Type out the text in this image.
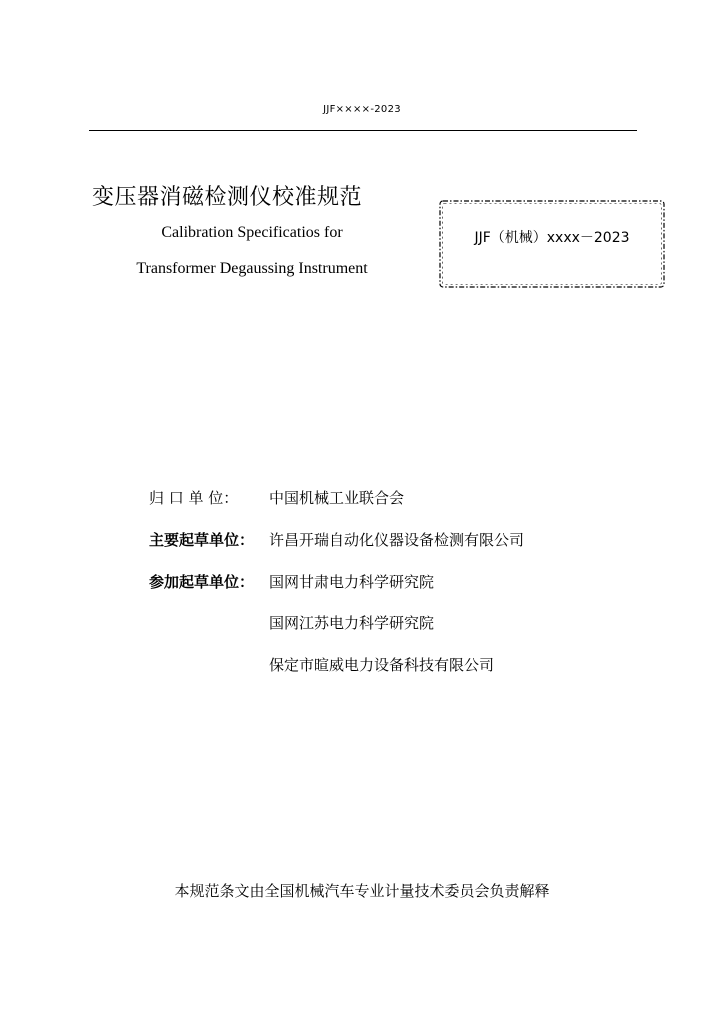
JJF××××-2023
变压器消磁检测仪校准规范
Calibration Specificatios for
Transformer Degaussing Instrument
JJF（机械）xxxx－2023
归 口 单 位： 中国机械工业联合会
主要起草单位： 许昌开瑞自动化仪器设备检测有限公司
参加起草单位： 国网甘肃电力科学研究院
国网江苏电力科学研究院
保定市暄威电力设备科技有限公司
本规范条文由全国机械汽车专业计量技术委员会负责解释
